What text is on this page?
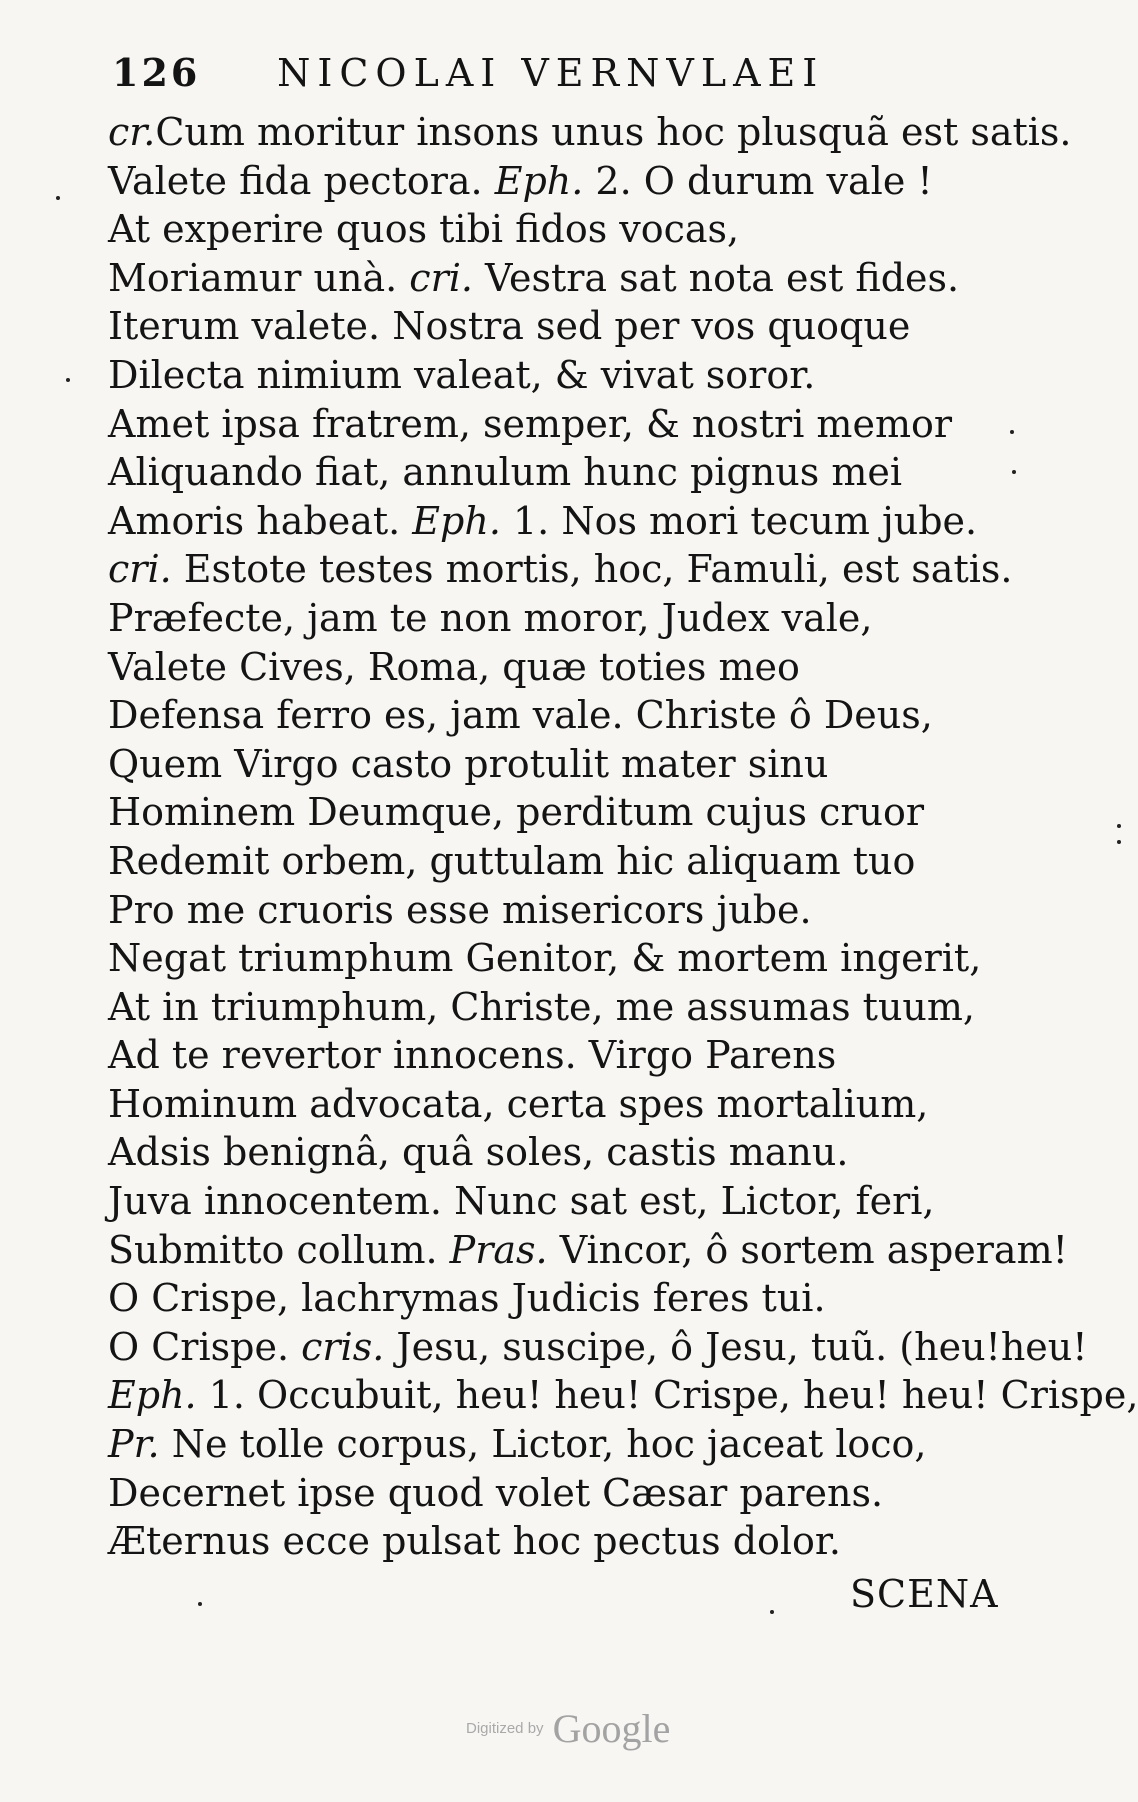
126 NICOLAI VERNVLAEI
cr.Cum moritur insons unus hoc plusquã est satis.
Valete fida pectora. Eph. 2. O durum vale !
At experire quos tibi fidos vocas,
Moriamur unà. cri. Vestra sat nota est fides.
Iterum valete. Nostra sed per vos quoque
Dilecta nimium valeat, & vivat soror.
Amet ipsa fratrem, semper, & nostri memor
Aliquando fiat, annulum hunc pignus mei
Amoris habeat. Eph. 1. Nos mori tecum jube.
cri. Estote testes mortis, hoc, Famuli, est satis.
Præfecte, jam te non moror, Judex vale,
Valete Cives, Roma, quæ toties meo
Defensa ferro es, jam vale. Christe ô Deus,
Quem Virgo casto protulit mater sinu
Hominem Deumque, perditum cujus cruor
Redemit orbem, guttulam hic aliquam tuo
Pro me cruoris esse misericors jube.
Negat triumphum Genitor, & mortem ingerit,
At in triumphum, Christe, me assumas tuum,
Ad te revertor innocens. Virgo Parens
Hominum advocata, certa spes mortalium,
Adsis benignâ, quâ soles, castis manu.
Juva innocentem. Nunc sat est, Lictor, feri,
Submitto collum. Pras. Vincor, ô sortem asperam!
O Crispe, lachrymas Judicis feres tui.
O Crispe. cris. Jesu, suscipe, ô Jesu, tuũ. (heu!heu!
Eph. 1. Occubuit, heu! heu! Crispe, heu! heu! Crispe,
Pr. Ne tolle corpus, Lictor, hoc jaceat loco,
Decernet ipse quod volet Cæsar parens.
Æternus ecce pulsat hoc pectus dolor.
SCENA
Digitized by Google
